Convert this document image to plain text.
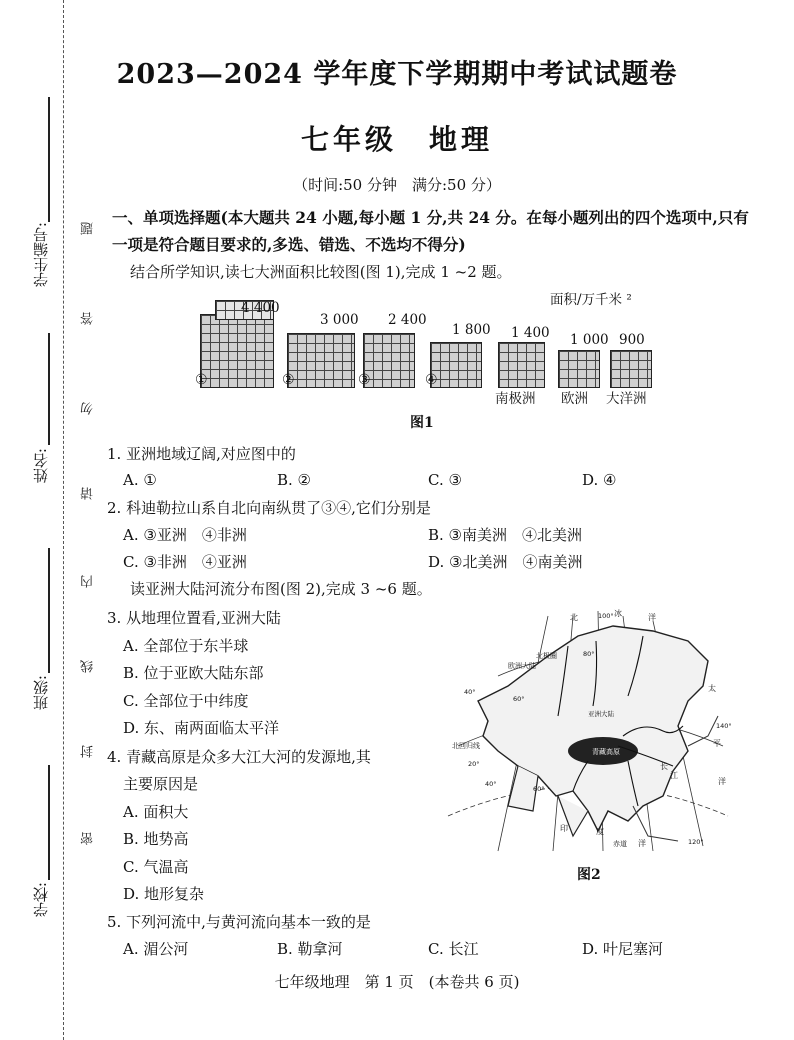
学生编号:
姓名:
班级:
学校:
题
答
勿
请
内
线
封
密
2023—2024 学年度下学期期中考试试题卷
七年级　地理
（时间:50 分钟　满分:50 分）
一、单项选择题(本大题共 24 小题,每小题 1 分,共 24 分。在每小题列出的四个选项中,只有一项是符合题目要求的,多选、错选、不选均不得分)
结合所学知识,读七大洲面积比较图(图 1),完成 1 ~2 题。
面积/万千米 ²
4 400
①
3 000
②
2 400
③
1 800
④
1 400
南极洲
1 000
欧洲
900
大洋洲
图1
1. 亚洲地域辽阔,对应图中的
A. ①	B. ②	C. ③	D. ④
2. 科迪勒拉山系自北向南纵贯了③④,它们分别是
A. ③亚洲　④非洲	B. ③南美洲　④北美洲
C. ③非洲　④亚洲	D. ③北美洲　④南美洲
读亚洲大陆河流分布图(图 2),完成 3 ~6 题。
3. 从地理位置看,亚洲大陆
A. 全部位于东半球
B. 位于亚欧大陆东部
C. 全部位于中纬度
D. 东、南两面临太平洋
4. 青藏高原是众多大江大河的发源地,其
主要原因是
A. 面积大
B. 地势高
C. 气温高
D. 地形复杂
5. 下列河流中,与黄河流向基本一致的是
A. 湄公河	B. 勒拿河	C. 长江	D. 叶尼塞河
青藏高原
北	冰	洋
北极圈
欧洲大陆
亚洲大陆
北回归线
太
平
洋
印	度
洋
赤道
长
江
40°
60°
80°
100°
140°
120°
20°
40°
60°
图2
七年级地理　第 1 页　(本卷共 6 页)
